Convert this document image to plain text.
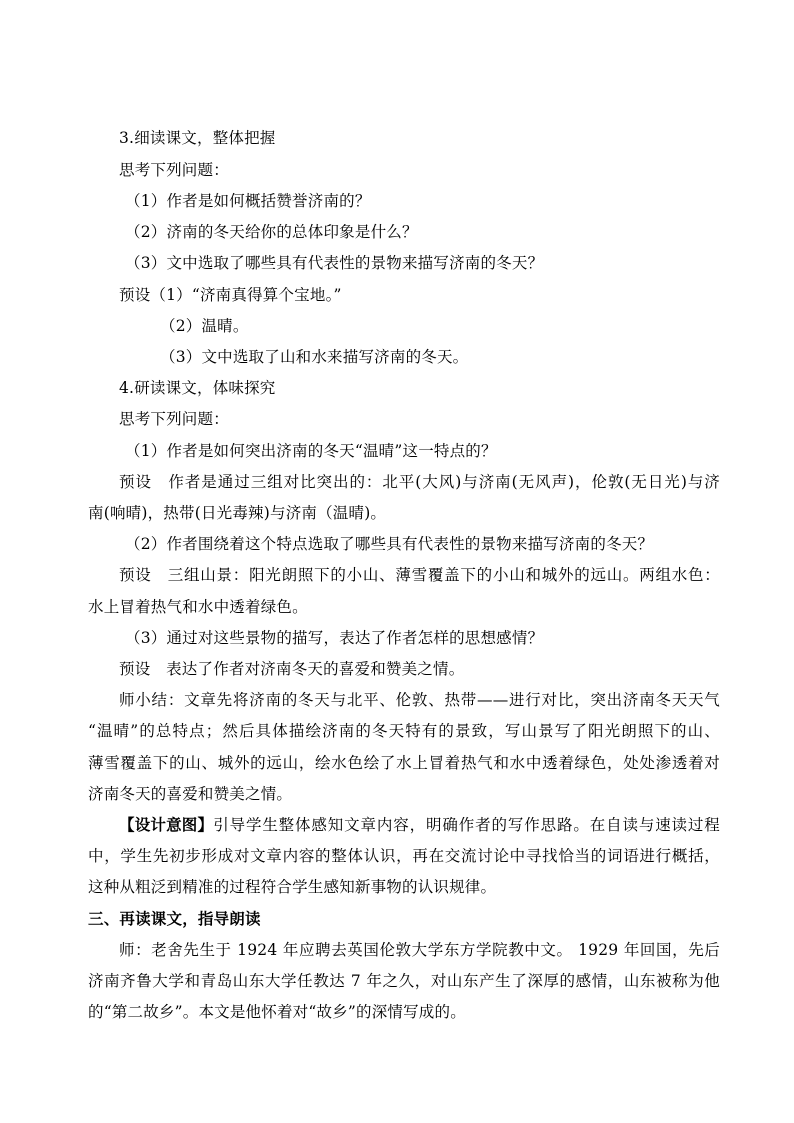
3.细读课文，整体把握
思考下列问题：
（1）作者是如何概括赞誉济南的？
（2）济南的冬天给你的总体印象是什么？
（3）文中选取了哪些具有代表性的景物来描写济南的冬天？
预设（1）“济南真得算个宝地。”
（2）温晴。
（3）文中选取了山和水来描写济南的冬天。
4.研读课文，体味探究
思考下列问题：
（1）作者是如何突出济南的冬天“温晴”这一特点的？
预设　作者是通过三组对比突出的：北平(大风)与济南(无风声)，伦敦(无日光)与济
南(响晴)，热带(日光毒辣)与济南（温晴)。
（2）作者围绕着这个特点选取了哪些具有代表性的景物来描写济南的冬天？
预设　三组山景：阳光朗照下的小山、薄雪覆盖下的小山和城外的远山。两组水色：
水上冒着热气和水中透着绿色。
（3）通过对这些景物的描写，表达了作者怎样的思想感情？
预设　表达了作者对济南冬天的喜爱和赞美之情。
师小结：文章先将济南的冬天与北平、伦敦、热带——进行对比，突出济南冬天天气
“温晴”的总特点；然后具体描绘济南的冬天特有的景致，写山景写了阳光朗照下的山、
薄雪覆盖下的山、城外的远山，绘水色绘了水上冒着热气和水中透着绿色，处处渗透着对
济南冬天的喜爱和赞美之情。
【设计意图】 引导学生整体感知文章内容，明确作者的写作思路。在自读与速读过程
中，学生先初步形成对文章内容的整体认识，再在交流讨论中寻找恰当的词语进行概括，
这种从粗泛到精准的过程符合学生感知新事物的认识规律。
三、再读课文，指导朗读
师：老舍先生于 1924 年应聘去英国伦敦大学东方学院教中文。 1929 年回国，先后
济南齐鲁大学和青岛山东大学任教达 7 年之久，对山东产生了深厚的感情，山东被称为他
的“第二故乡”。本文是他怀着对“故乡”的深情写成的。
